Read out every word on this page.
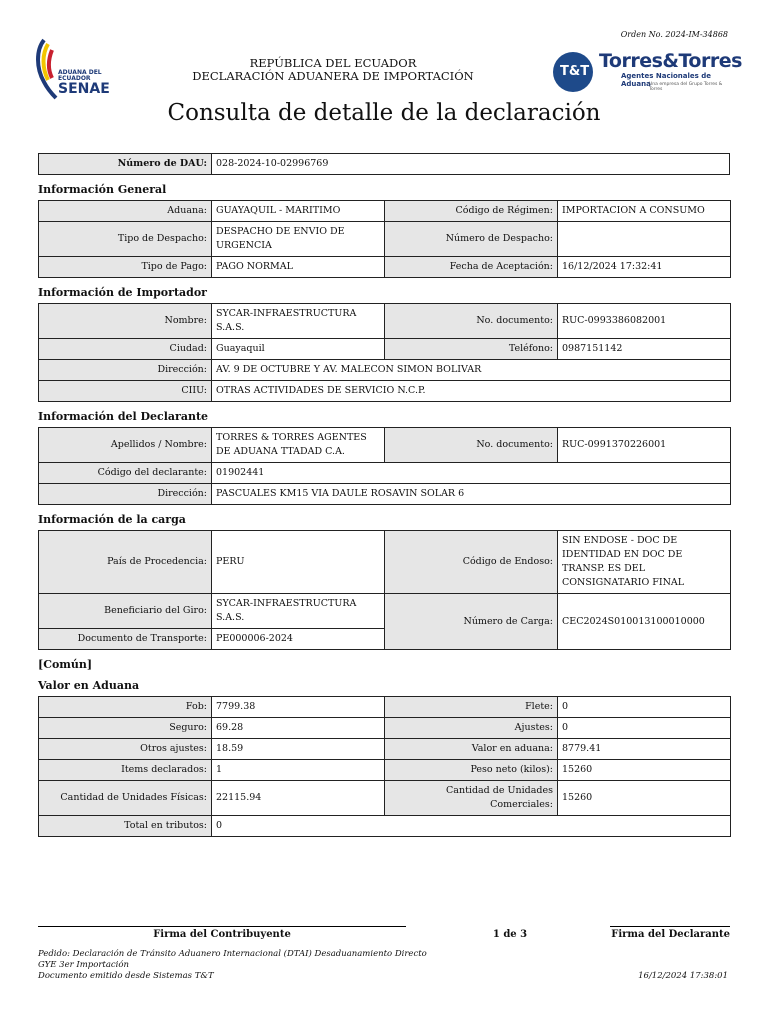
Orden No. 2024-IM-34868
ADUANA DEL
ECUADOR
SENAE
REPÚBLICA DEL ECUADOR
DECLARACIÓN ADUANERA DE IMPORTACIÓN	T&T Torres&Torres
Agentes Nacionales de Aduana
Una empresa del Grupo Torres & Torres
Consulta de detalle de la declaración
Número de DAU:	028-2024-10-02996769
Información General
Aduana:	GUAYAQUIL - MARITIMO	Código de Régimen:	IMPORTACION A CONSUMO
Tipo de Despacho:	DESPACHO DE ENVIO DE URGENCIA	Número de Despacho:	
Tipo de Pago:	PAGO NORMAL	Fecha de Aceptación:	16/12/2024 17:32:41
Información de Importador
Nombre:	SYCAR-INFRAESTRUCTURA S.A.S.	No. documento:	RUC-0993386082001
Ciudad:	Guayaquil	Teléfono:	0987151142
Dirección:	AV. 9 DE OCTUBRE Y AV. MALECON SIMON BOLIVAR		
CIIU:	OTRAS ACTIVIDADES DE SERVICIO N.C.P.		
Información del Declarante
Apellidos / Nombre:	TORRES & TORRES AGENTES DE ADUANA TTADAD C.A.	No. documento:	RUC-0991370226001
Código del declarante:	01902441		
Dirección:	PASCUALES KM15 VIA DAULE ROSAVIN SOLAR 6		
Información de la carga
País de Procedencia:	PERU	Código de Endoso:	SIN ENDOSE - DOC DE IDENTIDAD EN DOC DE TRANSP. ES DEL CONSIGNATARIO FINAL
Beneficiario del Giro:	SYCAR-INFRAESTRUCTURA S.A.S.	Número de Carga:	CEC2024S010013100010000
Documento de Transporte:	PE000006-2024		
[Común]
Valor en Aduana
Fob:	7799.38	Flete:	0
Seguro:	69.28	Ajustes:	0
Otros ajustes:	18.59	Valor en aduana:	8779.41
Items declarados:	1	Peso neto (kilos):	15260
Cantidad de Unidades Físicas:	22115.94	Cantidad de Unidades Comerciales:	15260
Total en tributos:	0		
Firma del Contribuyente	1 de 3	Firma del Declarante
Pedido: Declaración de Tránsito Aduanero Internacional (DTAI) Desaduanamiento Directo GYE 3er Importación
Documento emitido desde Sistemas T&T	16/12/2024 17:38:01
